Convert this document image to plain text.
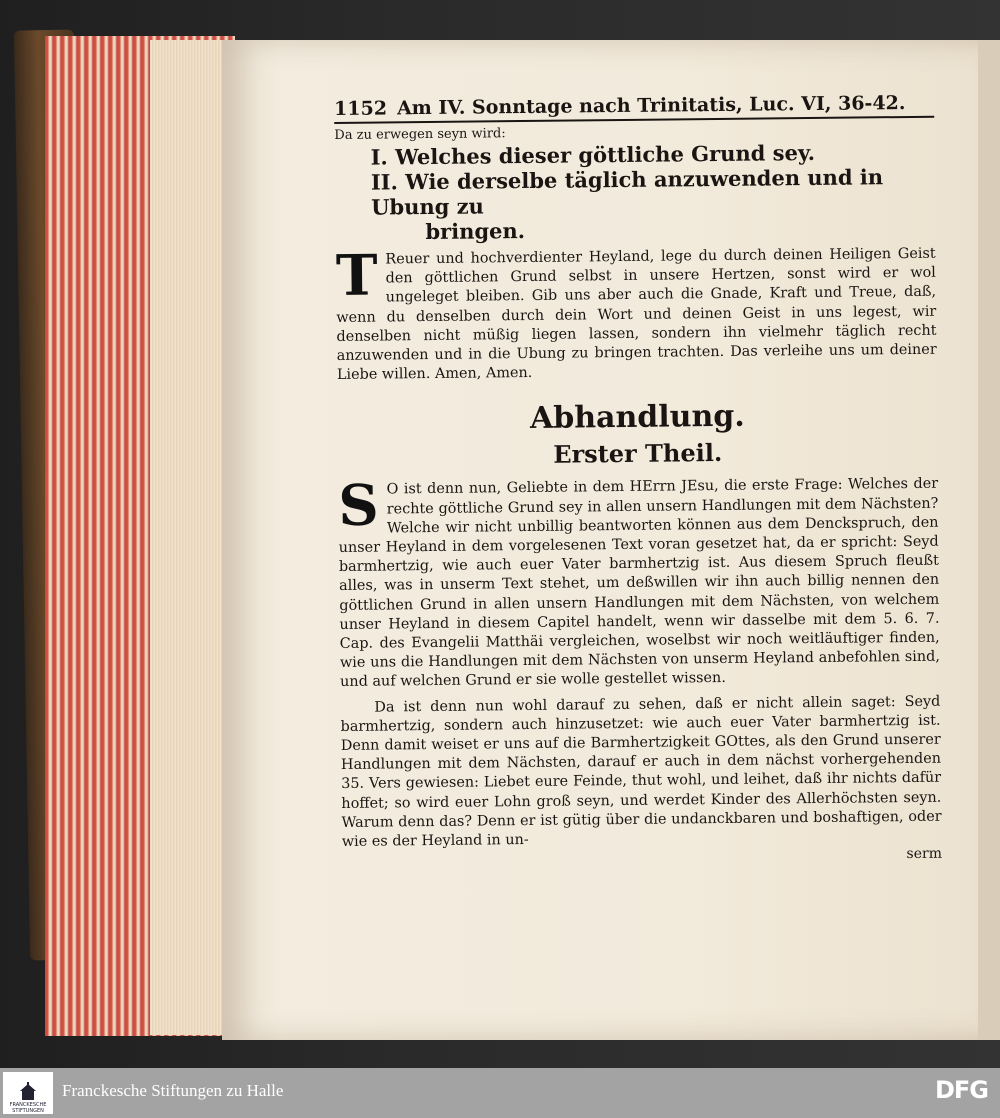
1152 Am IV. Sonntage nach Trinitatis, Luc. VI, 36-42.
Da zu erwegen seyn wird:
I. Welches dieser göttliche Grund sey.
II. Wie derselbe täglich anzuwenden und in Ubung zu
bringen.

T Reuer und hochverdienter Heyland, lege du durch deinen Heiligen Geist den göttlichen Grund selbst in unsere Hertzen, sonst wird er wol ungeleget bleiben. Gib uns aber auch die Gnade, Kraft und Treue, daß, wenn du denselben durch dein Wort und deinen Geist in uns legest, wir denselben nicht müßig liegen lassen, sondern ihn vielmehr täglich recht anzuwenden und in die Ubung zu bringen trachten. Das verleihe uns um deiner Liebe willen. Amen, Amen.

Abhandlung.
Erster Theil.

S O ist denn nun, Geliebte in dem HErrn JEsu, die erste Frage: Welches der rechte göttliche Grund sey in allen unsern Handlungen mit dem Nächsten? Welche wir nicht unbillig beantworten können aus dem Denckspruch, den unser Heyland in dem vorgelesenen Text voran gesetzet hat, da er spricht: Seyd barmhertzig, wie auch euer Vater barmhertzig ist. Aus diesem Spruch fleußt alles, was in unserm Text stehet, um deßwillen wir ihn auch billig nennen den göttlichen Grund in allen unsern Handlungen mit dem Nächsten, von welchem unser Heyland in diesem Capitel handelt, wenn wir dasselbe mit dem 5. 6. 7. Cap. des Evangelii Matthäi vergleichen, woselbst wir noch weitläuftiger finden, wie uns die Handlungen mit dem Nächsten von unserm Heyland anbefohlen sind, und auf welchen Grund er sie wolle gestellet wissen.

Da ist denn nun wohl darauf zu sehen, daß er nicht allein saget: Seyd barmhertzig, sondern auch hinzusetzet: wie auch euer Vater barmhertzig ist. Denn damit weiset er uns auf die Barmhertzigkeit GOttes, als den Grund unserer Handlungen mit dem Nächsten, darauf er auch in dem nächst vorhergehenden 35. Vers gewiesen: Liebet eure Feinde, thut wohl, und leihet, daß ihr nichts dafür hoffet; so wird euer Lohn groß seyn, und werdet Kinder des Allerhöchsten seyn. Warum denn das? Denn er ist gütig über die undanckbaren und boshaftigen, oder wie es der Heyland in un-

serm
FRANCKESCHE
STIFTUNGEN
Franckesche Stiftungen zu Halle	DFG
